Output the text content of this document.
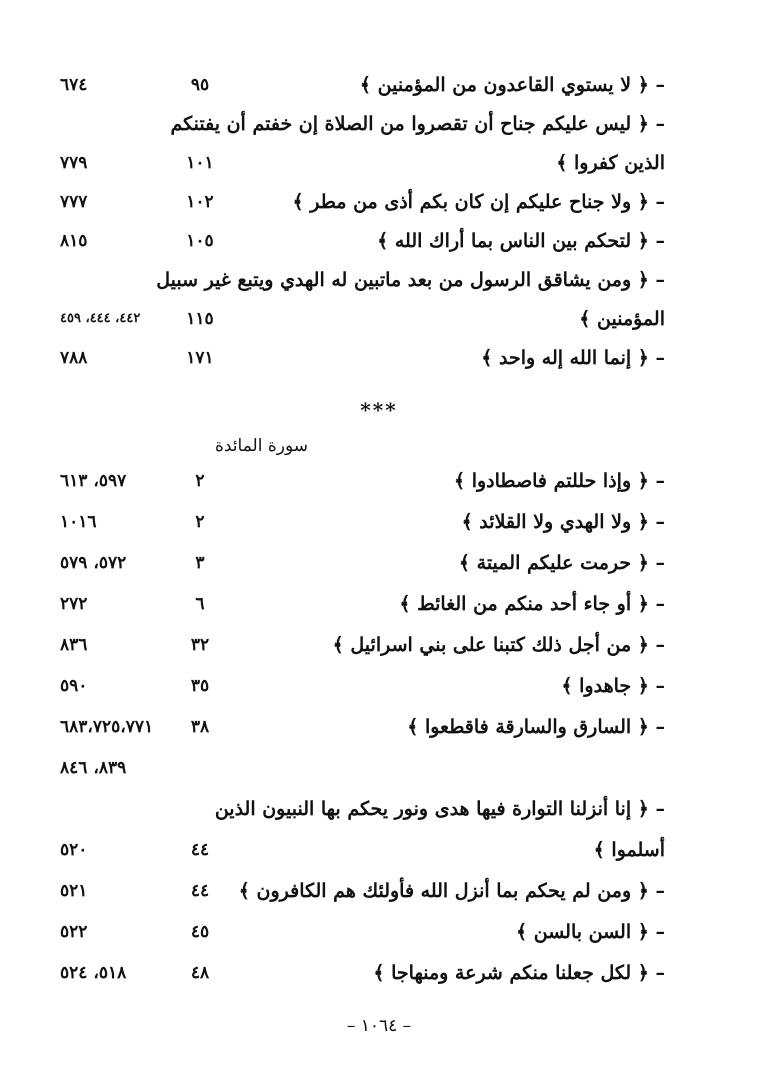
– ﴿ لا يستوي القاعدون من المؤمنين ﴾
٩٥
٦٧٤
– ﴿ ليس عليكم جناح أن تقصروا من الصلاة إن خفتم أن يفتنكم
الذين كفروا ﴾
١٠١
٧٧٩
– ﴿ ولا جناح عليكم إن كان بكم أذى من مطر ﴾
١٠٢
٧٧٧
– ﴿ لتحكم بين الناس بما أراك الله ﴾
١٠٥
٨١٥
– ﴿ ومن يشاقق الرسول من بعد ماتبين له الهدي ويتبع غير سبيل
المؤمنين ﴾
١١٥
٤٤٢، ٤٤٤، ٤٥٩
– ﴿ إنما الله إله واحد ﴾
١٧١
٧٨٨
***
سورة المائدة
– ﴿ وإذا حللتم فاصطادوا ﴾
٢
٥٩٧، ٦١٣
– ﴿ ولا الهدي ولا القلائد ﴾
٢
١٠١٦
– ﴿ حرمت عليكم الميتة ﴾
٣
٥٧٢، ٥٧٩
– ﴿ أو جاء أحد منكم من الغائط ﴾
٦
٢٧٢
– ﴿ من أجل ذلك كتبنا على بني اسرائيل ﴾
٣٢
٨٣٦
– ﴿ جاهدوا ﴾
٣٥
٥٩٠
– ﴿ السارق والسارقة فاقطعوا ﴾
٣٨
٦٨٣،٧٢٥،٧٧١
٨٣٩، ٨٤٦
– ﴿ إنا أنزلنا التوارة فيها هدى ونور يحكم بها النبيون الذين
أسلموا ﴾
٤٤
٥٢٠
– ﴿ ومن لم يحكم بما أنزل الله فأولئك هم الكافرون ﴾
٤٤
٥٢١
– ﴿ السن بالسن ﴾
٤٥
٥٢٢
– ﴿ لكل جعلنا منكم شرعة ومنهاجا ﴾
٤٨
٥١٨، ٥٢٤
– ١٠٦٤ –
